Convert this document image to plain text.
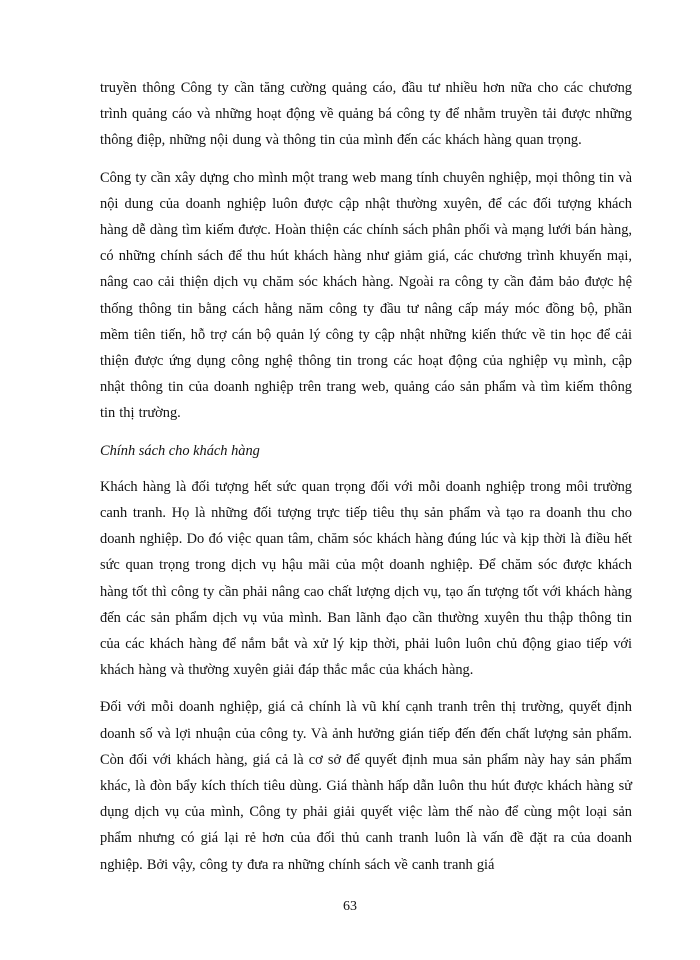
truyền thông Công ty cần tăng cường quảng cáo, đầu tư nhiều hơn nữa cho các chương trình quảng cáo và những hoạt động về quảng bá công ty để nhằm truyền tải được những thông điệp, những nội dung và thông tin của mình đến các khách hàng quan trọng.

Công ty cần xây dựng cho mình một trang web mang tính chuyên nghiệp, mọi thông tin và nội dung của doanh nghiệp luôn được cập nhật thường xuyên, để các đối tượng khách hàng dễ dàng tìm kiếm được. Hoàn thiện các chính sách phân phối và mạng lưới bán hàng, có những chính sách để thu hút khách hàng như giảm giá, các chương trình khuyến mại, nâng cao cải thiện dịch vụ chăm sóc khách hàng. Ngoài ra công ty cần đảm bảo được hệ thống thông tin bằng cách hằng năm công ty đầu tư nâng cấp máy móc đồng bộ, phần mềm tiên tiến, hỗ trợ cán bộ quản lý công ty cập nhật những kiến thức về tin học để cải thiện được ứng dụng công nghệ thông tin trong các hoạt động của nghiệp vụ mình, cập nhật thông tin của doanh nghiệp trên trang web, quảng cáo sản phẩm và tìm kiếm thông tin thị trường.

Chính sách cho khách hàng

Khách hàng là đối tượng hết sức quan trọng đối với mỗi doanh nghiệp trong môi trường canh tranh. Họ là những đối tượng trực tiếp tiêu thụ sản phẩm và tạo ra doanh thu cho doanh nghiệp. Do đó việc quan tâm, chăm sóc khách hàng đúng lúc và kịp thời là điều hết sức quan trọng trong dịch vụ hậu mãi của một doanh nghiệp. Để chăm sóc được khách hàng tốt thì công ty cần phải nâng cao chất lượng dịch vụ, tạo ấn tượng tốt với khách hàng đến các sản phẩm dịch vụ vủa mình. Ban lãnh đạo cần thường xuyên thu thập thông tin của các khách hàng để nắm bắt và xử lý kịp thời, phải luôn luôn chủ động giao tiếp với khách hàng và thường xuyên giải đáp thắc mắc của khách hàng.

Đối với mỗi doanh nghiệp, giá cả chính là vũ khí cạnh tranh trên thị trường, quyết định doanh số và lợi nhuận của công ty. Và ảnh hưởng gián tiếp đến đến chất lượng sản phẩm. Còn đối với khách hàng, giá cả là cơ sở để quyết định mua sản phẩm này hay sản phẩm khác, là đòn bẩy kích thích tiêu dùng. Giá thành hấp dẫn luôn thu hút được khách hàng sử dụng dịch vụ của mình, Công ty phải giải quyết việc làm thế nào để cùng một loại sản phẩm nhưng có giá lại rẻ hơn của đối thủ canh tranh luôn là vấn đề đặt ra của doanh nghiệp. Bởi vậy, công ty đưa ra những chính sách về canh tranh giá

63
